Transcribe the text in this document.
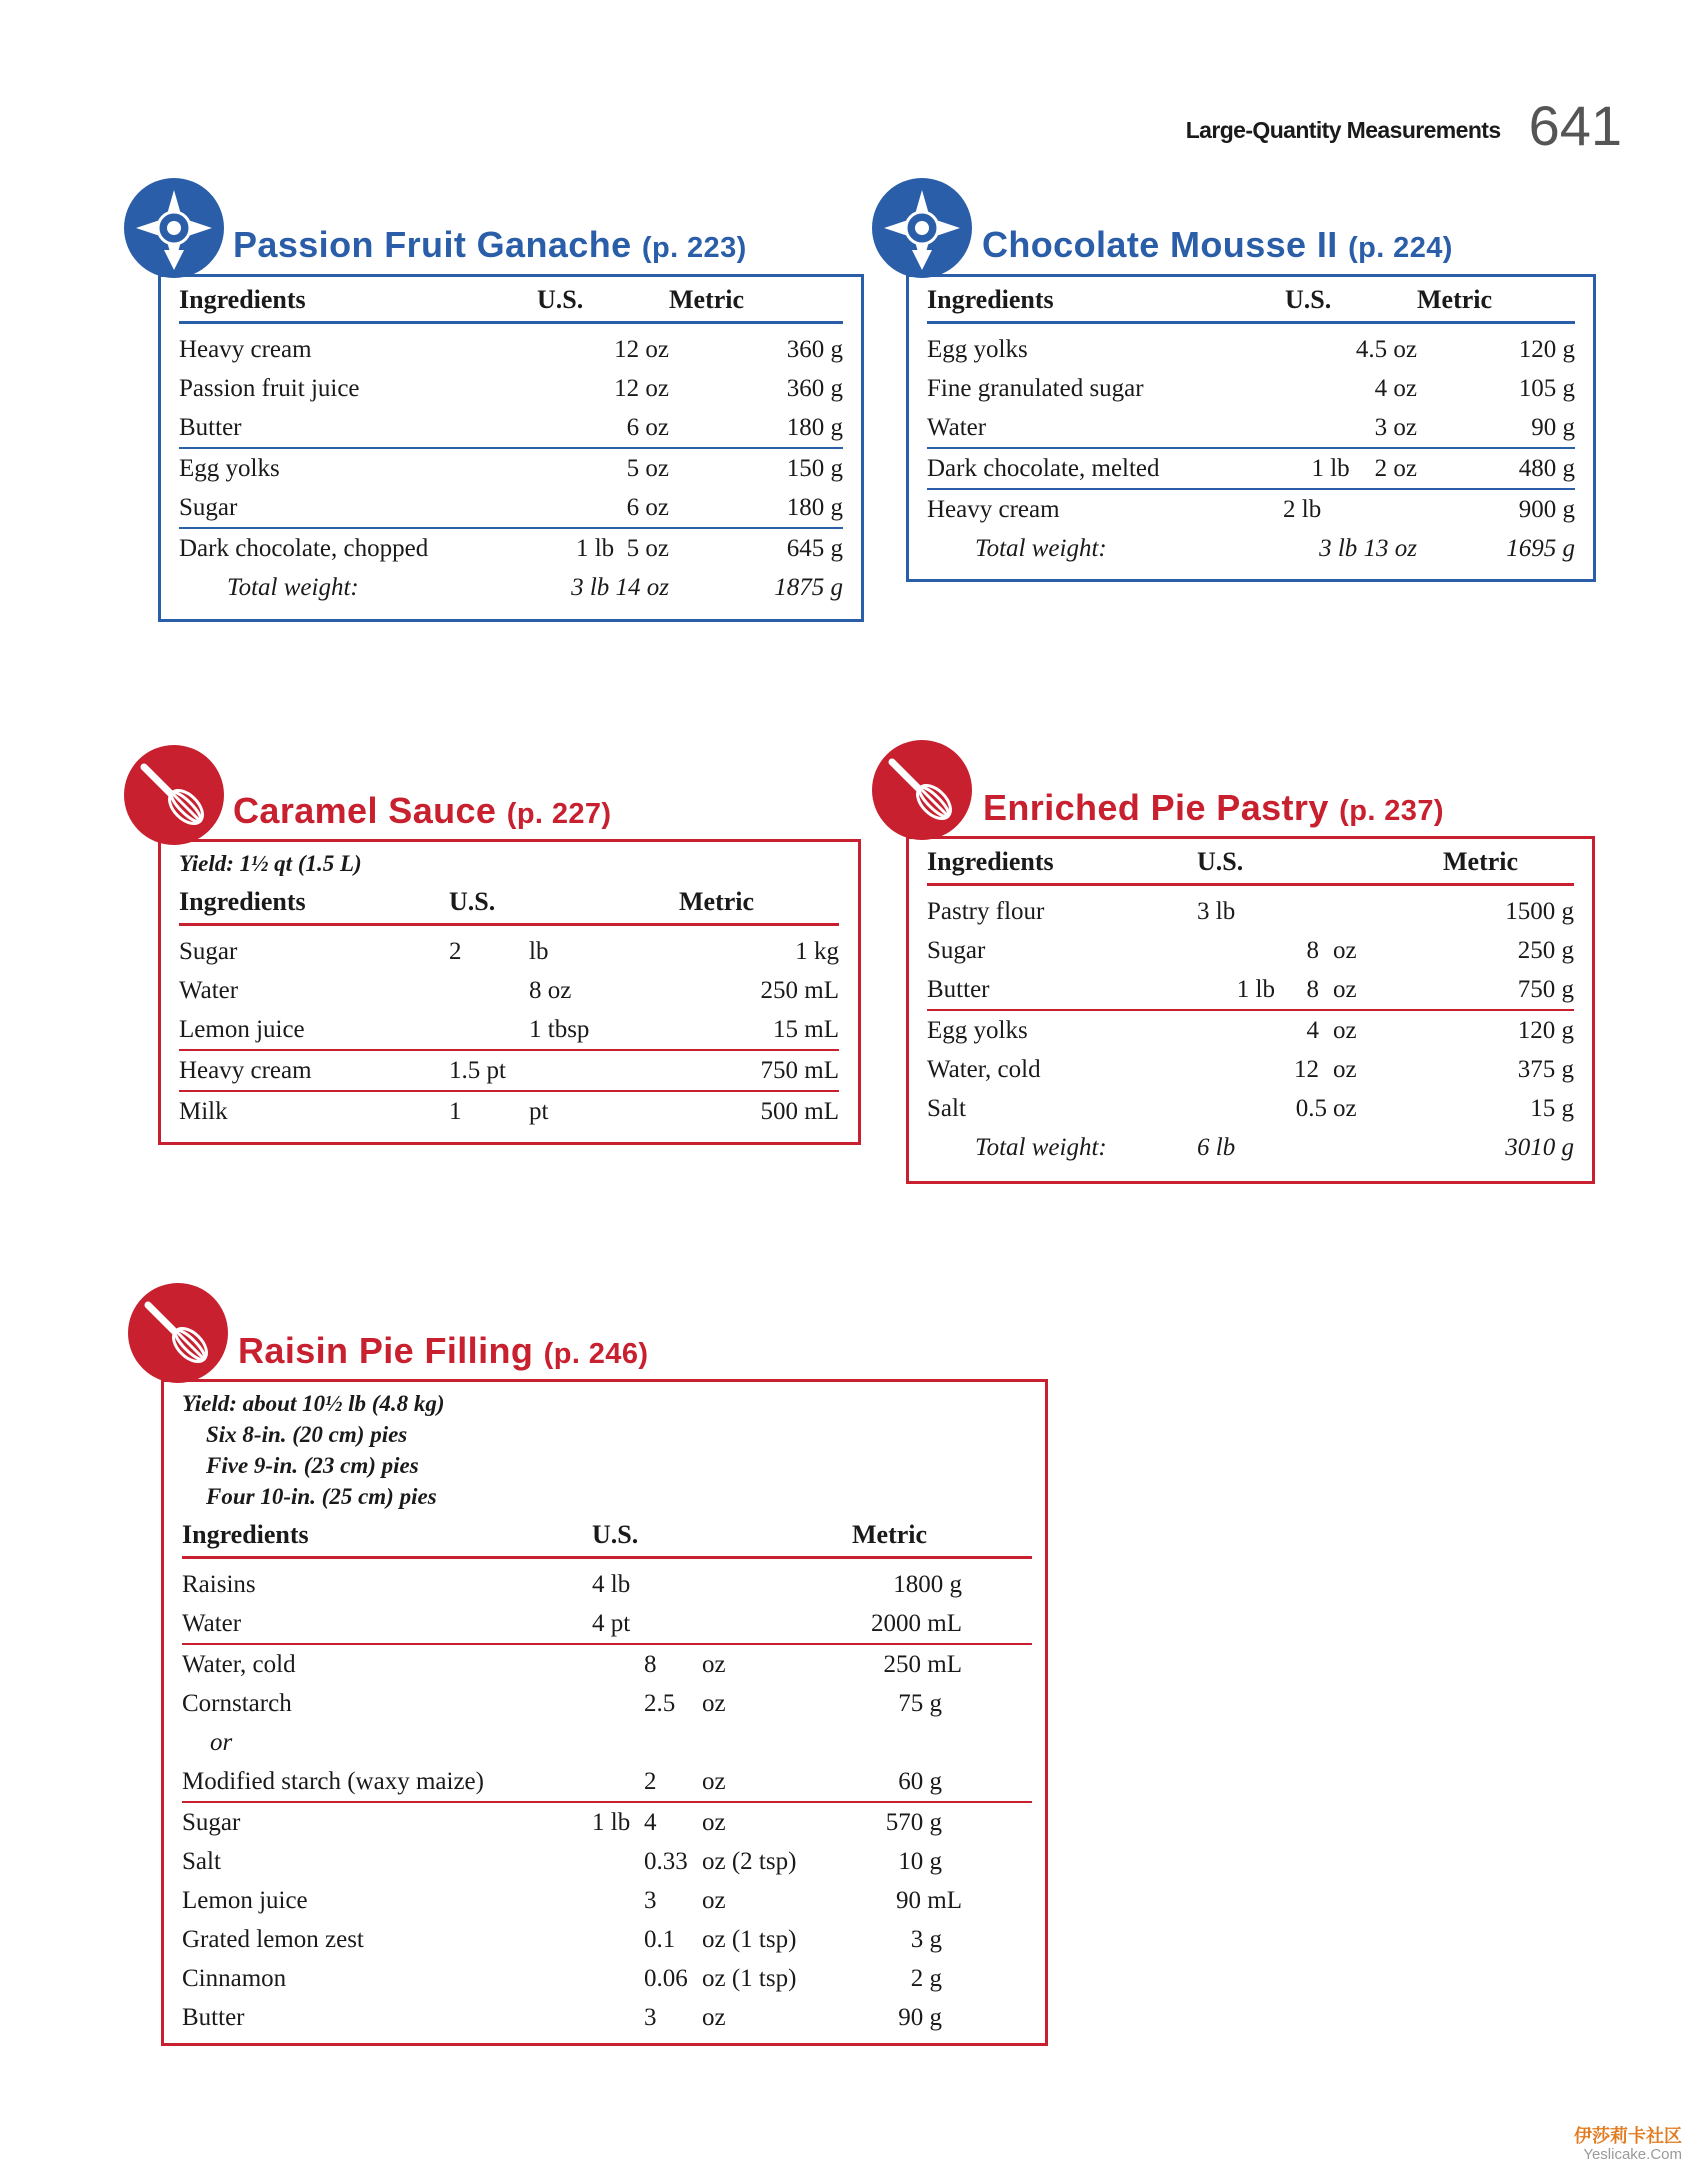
Large-Quantity Measurements 641
Passion Fruit Ganache (p. 223)
Ingredients	U.S.	Metric
Heavy cream	12 oz	360 g
Passion fruit juice	12 oz	360 g
Butter	6 oz	180 g
Egg yolks	5 oz	150 g
Sugar	6 oz	180 g
Dark chocolate, chopped	1 lb  5 oz	645 g
Total weight:	3 lb 14 oz	1875 g
Chocolate Mousse II (p. 224)
Ingredients	U.S.	Metric
Egg yolks	4.5 oz	120 g
Fine granulated sugar	4 oz	105 g
Water	3 oz	90 g
Dark chocolate, melted	1 lb    2 oz	480 g
Heavy cream	2 lb	900 g
Total weight:	3 lb 13 oz	1695 g
Caramel Sauce (p. 227)
Yield: 1½ qt (1.5 L)
Ingredients	U.S.		Metric
Sugar	2	lb	1 kg
Water		8 oz	250 mL
Lemon juice		1 tbsp	15 mL
Heavy cream	1.5 pt		750 mL
Milk	1	pt	500 mL
Enriched Pie Pastry (p. 237)
Ingredients	U.S.			Metric
Pastry flour	3 lb			1500 g
Sugar		8	oz	250 g
Butter	1 lb	8	oz	750 g
Egg yolks		4	oz	120 g
Water, cold		12	oz	375 g
Salt		0.5	oz	15 g
Total weight:	6 lb			3010 g
Raisin Pie Filling (p. 246)
Yield: about 10½ lb (4.8 kg)
Six 8-in. (20 cm) pies
Five 9-in. (23 cm) pies
Four 10-in. (25 cm) pies
Ingredients	U.S.			Metric	
Raisins	4 lb			1800 g	
Water	4 pt			2000 mL	
Water, cold		8	oz	250 mL	
Cornstarch		2.5	oz	75 g	
or					
Modified starch (waxy maize)		2	oz	60 g	
Sugar	1 lb	4	oz	570 g	
Salt		0.33	oz (2 tsp)	10 g	
Lemon juice		3	oz	90 mL	
Grated lemon zest		0.1	oz (1 tsp)	3 g	
Cinnamon		0.06	oz (1 tsp)	2 g	
Butter		3	oz	90 g	
伊莎莉卡社区
Yeslicake.Com
